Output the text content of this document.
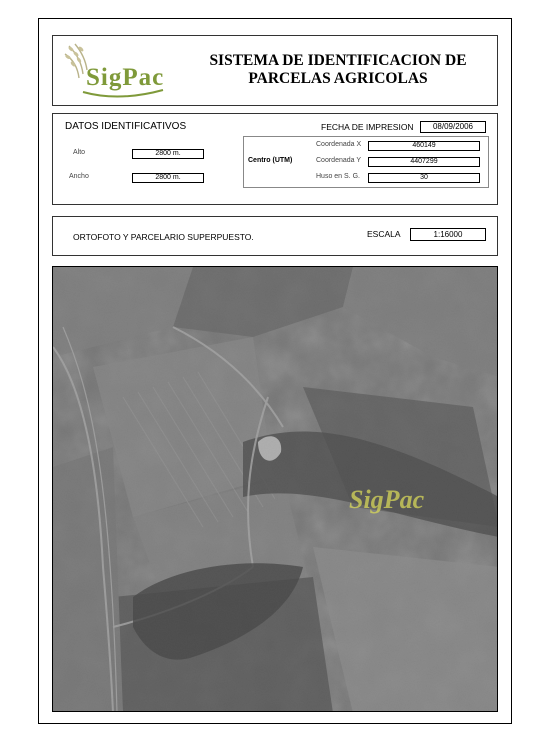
SigPac
SISTEMA DE IDENTIFICACION DE
PARCELAS AGRICOLAS
DATOS IDENTIFICATIVOS	FECHA DE IMPRESION	08/09/2006
Alto	2800 m.
Ancho	2800 m.
Centro (UTM)
Coordenada X	460149
Coordenada Y	4407299
Huso en S. G.	30
ORTOFOTO Y PARCELARIO SUPERPUESTO.	ESCALA	1:16000
SigPac
